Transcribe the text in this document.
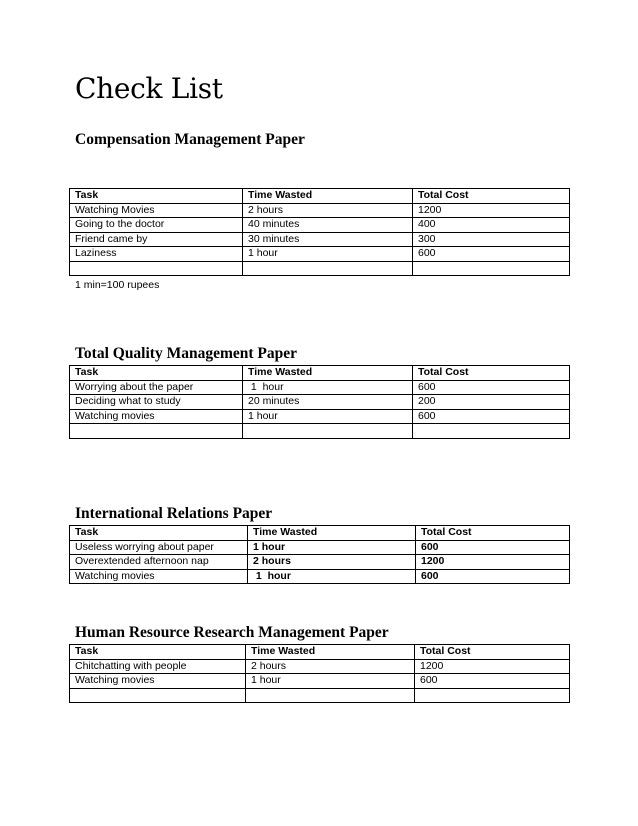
Check List
Compensation Management Paper
Task	Time Wasted	Total Cost
Watching Movies	2 hours	1200
Going to the doctor	40 minutes	400
Friend came by	30 minutes	300
Laziness	1 hour	600

1 min=100 rupees
Total Quality Management Paper
Task	Time Wasted	Total Cost
Worrying about the paper	1  hour	600
Deciding what to study	20 minutes	200
Watching movies	1 hour	600

International Relations Paper
Task	Time Wasted	Total Cost
Useless worrying about paper	1 hour	600
Overextended afternoon nap	2 hours	1200
Watching movies	1  hour	600
Human Resource Research Management Paper
Task	Time Wasted	Total Cost
Chitchatting with people	2 hours	1200
Watching movies	1 hour	600
